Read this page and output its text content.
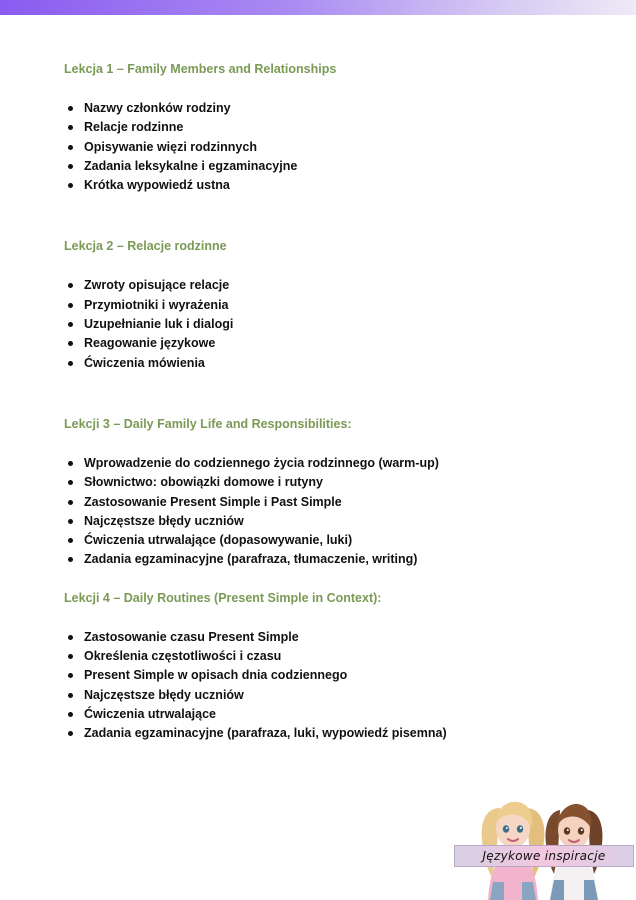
Lekcja 1 – Family Members and Relationships
Nazwy członków rodziny
Relacje rodzinne
Opisywanie więzi rodzinnych
Zadania leksykalne i egzaminacyjne
Krótka wypowiedź ustna
Lekcja 2 – Relacje rodzinne
Zwroty opisujące relacje
Przymiotniki i wyrażenia
Uzupełnianie luk i dialogi
Reagowanie językowe
Ćwiczenia mówienia
Lekcji 3 – Daily Family Life and Responsibilities:
Wprowadzenie do codziennego życia rodzinnego (warm-up)
Słownictwo: obowiązki domowe i rutyny
Zastosowanie Present Simple i Past Simple
Najczęstsze błędy uczniów
Ćwiczenia utrwalające (dopasowywanie, luki)
Zadania egzaminacyjne (parafraza, tłumaczenie, writing)
Lekcji 4 – Daily Routines (Present Simple in Context):
Zastosowanie czasu Present Simple
Określenia częstotliwości i czasu
Present Simple w opisach dnia codziennego
Najczęstsze błędy uczniów
Ćwiczenia utrwalające
Zadania egzaminacyjne (parafraza, luki, wypowiedź pisemna)
Językowe inspiracje
